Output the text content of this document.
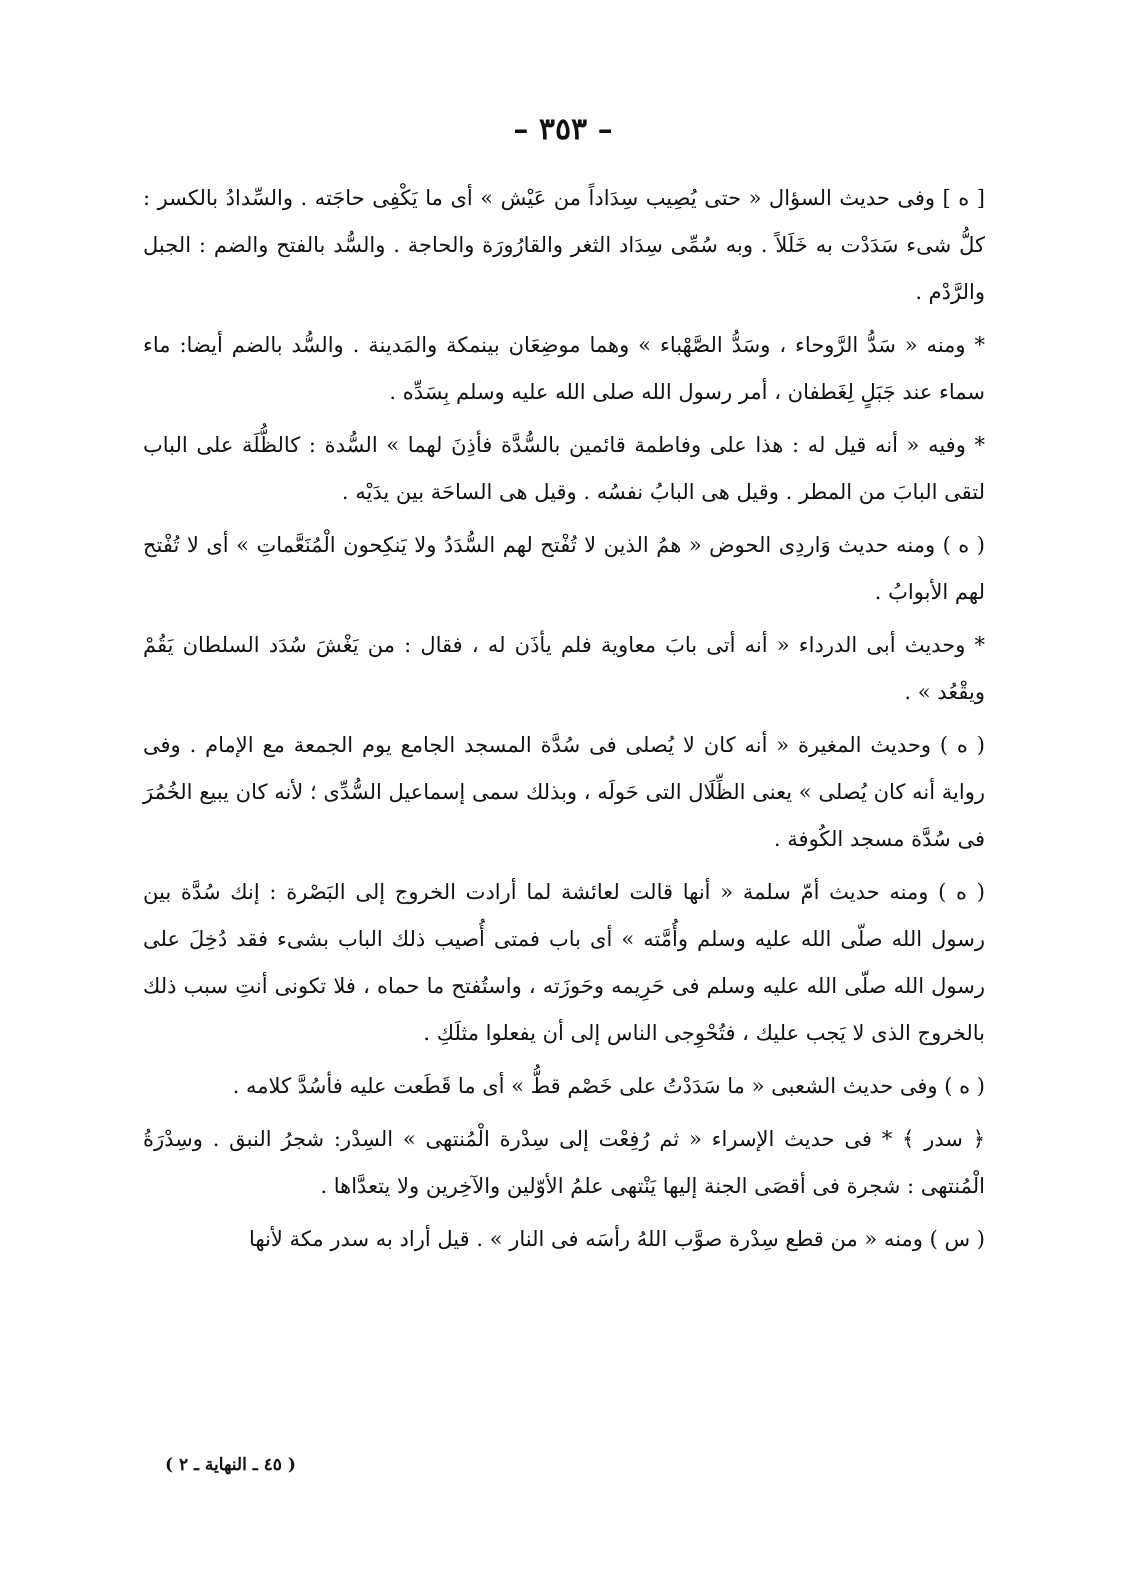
– ٣٥٣ –

[ ه ] وفى حديث السؤال « حتى يُصِيب سِدَاداً من عَيْش » أى ما يَكْفِى حاجَته . والسِّدادُ بالكسر : كلُّ شىء سَدَدْت به خَلَلاً . وبه سُمِّى سِدَاد الثغر والقارُورَة والحاجة . والسُّد بالفتح والضم : الجبل والرَّدْم .

* ومنه « سَدُّ الرَّوحاء ، وسَدُّ الصَّهْباء » وهما موضِعَان بينمكة والمَدينة . والسُّد بالضم أيضا: ماء سماء عند جَبَلٍ لِغَطفان ، أمر رسول الله صلى الله عليه وسلم بِسَدِّه .

* وفيه « أنه قيل له : هذا على وفاطمة قائمين بالسُّدَّة فأذِنَ لهما » السُّدة : كالظُّلَة على الباب لتقى البابَ من المطر . وقيل هى البابُ نفسُه . وقيل هى الساحَة بين يدَيْه .

( ه ) ومنه حديث وَاردِى الحوض « همُ الذين لا تُفْتح لهم السُّدَدُ ولا يَنكِحون الْمُنَعَّماتِ » أى لا تُفْتح لهم الأبوابُ .

* وحديث أبى الدرداء « أنه أتى بابَ معاوية فلم يأذَن له ، فقال : من يَغْشَ سُدَد السلطان يَقُمْ ويقْعُد » .

( ه ) وحديث المغيرة « أنه كان لا يُصلى فى سُدَّة المسجد الجامع يوم الجمعة مع الإمام . وفى رواية أنه كان يُصلى » يعنى الظِّلَال التى حَولَه ، وبذلك سمى إسماعيل السُّدِّى ؛ لأنه كان يبيع الخُمُرَ فى سُدَّة مسجد الكُوفة .

( ه ) ومنه حديث أمّ سلمة « أنها قالت لعائشة لما أرادت الخروج إلى البَصْرة : إنك سُدَّة بين رسول الله صلّى الله عليه وسلم وأُمَّته » أى باب فمتى أُصيب ذلك الباب بشىء فقد دُخِلَ على رسول الله صلّى الله عليه وسلم فى حَرِيمه وحَوزَته ، واستُفتح ما حماه ، فلا تكونى أنتِ سبب ذلك بالخروج الذى لا يَجب عليك ، فتُحْوِجى الناس إلى أن يفعلوا مثلَكِ .

( ه ) وفى حديث الشعبى « ما سَدَدْتُ على خَصْم قطُّ » أى ما قَطَعت عليه فأسُدَّ كلامه .

﴿ سدر ﴾ * فى حديث الإسراء « ثم رُفِعْت إلى سِدْرة الْمُنتهى » السِدْر: شجرُ النبق . وسِدْرَةُ الْمُنتهى : شجرة فى أقصَى الجنة إليها يَنْتهى علمُ الأوّلين والآخِرين ولا يتعدَّاها .

( س ) ومنه « من قطع سِدْرة صوَّب اللهُ رأسَه فى النار » . قيل أراد به سدر مكة لأنها

( ٤٥ ـ النهاية ـ ٢ )
